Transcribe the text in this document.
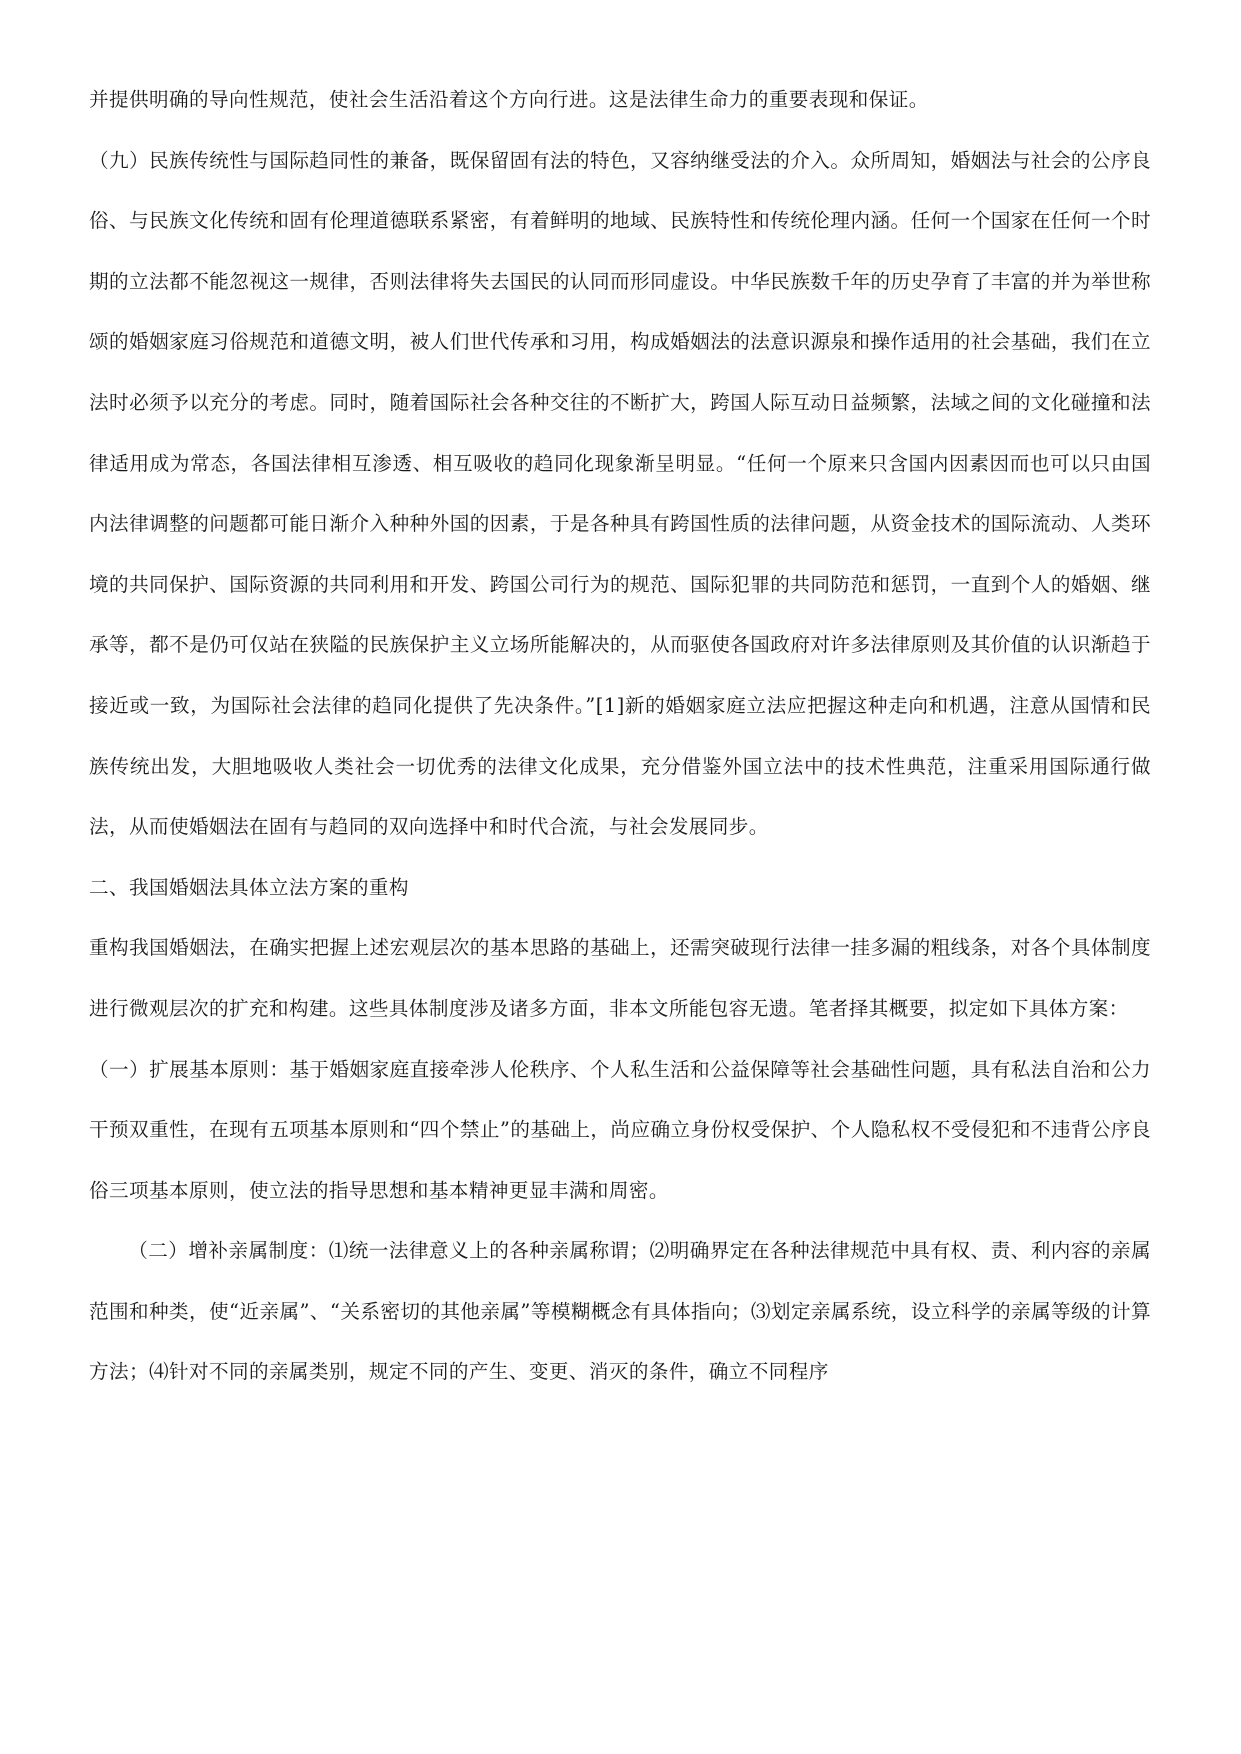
并提供明确的导向性规范，使社会生活沿着这个方向行进。这是法律生命力的重要表现和保证。

（九）民族传统性与国际趋同性的兼备，既保留固有法的特色，又容纳继受法的介入。众所周知，婚姻法与社会的公序良俗、与民族文化传统和固有伦理道德联系紧密，有着鲜明的地域、民族特性和传统伦理内涵。任何一个国家在任何一个时期的立法都不能忽视这一规律，否则法律将失去国民的认同而形同虚设。中华民族数千年的历史孕育了丰富的并为举世称颂的婚姻家庭习俗规范和道德文明，被人们世代传承和习用，构成婚姻法的法意识源泉和操作适用的社会基础，我们在立法时必须予以充分的考虑。同时，随着国际社会各种交往的不断扩大，跨国人际互动日益频繁，法域之间的文化碰撞和法律适用成为常态，各国法律相互渗透、相互吸收的趋同化现象渐呈明显。“任何一个原来只含国内因素因而也可以只由国内法律调整的问题都可能日渐介入种种外国的因素，于是各种具有跨国性质的法律问题，从资金技术的国际流动、人类环境的共同保护、国际资源的共同利用和开发、跨国公司行为的规范、国际犯罪的共同防范和惩罚，一直到个人的婚姻、继承等，都不是仍可仅站在狭隘的民族保护主义立场所能解决的，从而驱使各国政府对许多法律原则及其价值的认识渐趋于接近或一致，为国际社会法律的趋同化提供了先决条件。”[1]新的婚姻家庭立法应把握这种走向和机遇，注意从国情和民族传统出发，大胆地吸收人类社会一切优秀的法律文化成果，充分借鉴外国立法中的技术性典范，注重采用国际通行做法，从而使婚姻法在固有与趋同的双向选择中和时代合流，与社会发展同步。

二、我国婚姻法具体立法方案的重构

重构我国婚姻法，在确实把握上述宏观层次的基本思路的基础上，还需突破现行法律一挂多漏的粗线条，对各个具体制度进行微观层次的扩充和构建。这些具体制度涉及诸多方面，非本文所能包容无遗。笔者择其概要，拟定如下具体方案：

（一）扩展基本原则：基于婚姻家庭直接牵涉人伦秩序、个人私生活和公益保障等社会基础性问题，具有私法自治和公力干预双重性，在现有五项基本原则和“四个禁止”的基础上，尚应确立身份权受保护、个人隐私权不受侵犯和不违背公序良俗三项基本原则，使立法的指导思想和基本精神更显丰满和周密。

（二）增补亲属制度：⑴统一法律意义上的各种亲属称谓；⑵明确界定在各种法律规范中具有权、责、利内容的亲属范围和种类，使“近亲属”、“关系密切的其他亲属”等模糊概念有具体指向；⑶划定亲属系统，设立科学的亲属等级的计算方法；⑷针对不同的亲属类别，规定不同的产生、变更、消灭的条件，确立不同程序
